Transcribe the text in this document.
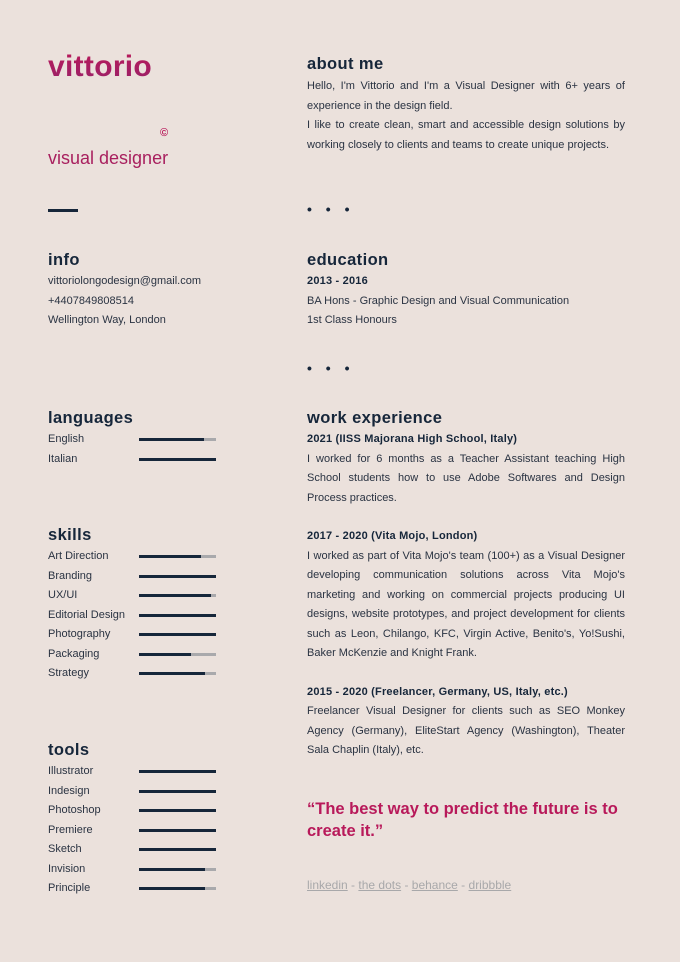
vittorio
longo
©
visual designer
info
vittoriolongodesign@gmail.com
+4407849808514
Wellington Way, London
languages
English
Italian
skills
Art Direction
Branding
UX/UI
Editorial Design
Photography
Packaging
Strategy
tools
Illustrator
Indesign
Photoshop
Premiere
Sketch
Invision
Principle
about me
Hello, I'm Vittorio and I'm a Visual Designer with 6+ years of experience in the design field.
I like to create clean, smart and accessible design solutions by working closely to clients and teams to create unique projects.
• • •
education
2013 - 2016
BA Hons - Graphic Design and Visual Communication
1st Class Honours
• • •
work experience
2021 (IISS Majorana High School, Italy)
I worked for 6 months as a Teacher Assistant teaching High School students how to use Adobe Softwares and Design Process practices.
2017 - 2020 (Vita Mojo, London)
I worked as part of Vita Mojo's team (100+) as a Visual Designer developing communication solutions across Vita Mojo's marketing and working on commercial projects producing UI designs, website prototypes, and project development for clients such as Leon, Chilango, KFC, Virgin Active, Benito's, Yo!Sushi, Baker McKenzie and Knight Frank.
2015 - 2020 (Freelancer, Germany, US, Italy, etc.)
Freelancer Visual Designer for clients such as SEO Monkey Agency (Germany), EliteStart Agency (Washington), Theater Sala Chaplin (Italy), etc.
“The best way to predict the future is to create it.”
linkedin - the dots - behance - dribbble
